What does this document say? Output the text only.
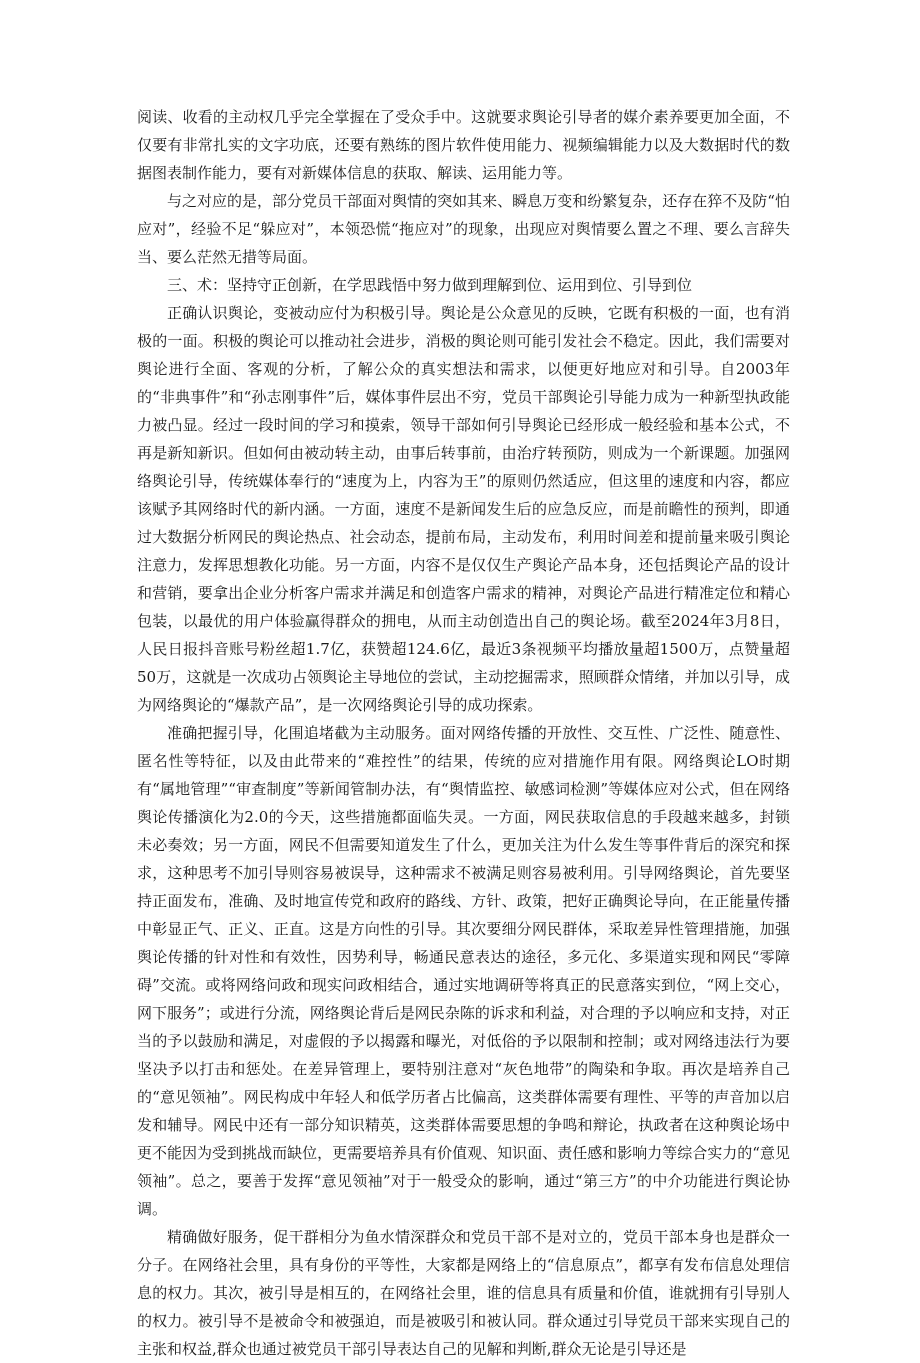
阅读、收看的主动权几乎完全掌握在了受众手中。这就要求舆论引导者的媒介素养要更加全面，不仅要有非常扎实的文字功底，还要有熟练的图片软件使用能力、视频编辑能力以及大数据时代的数据图表制作能力，要有对新媒体信息的获取、解读、运用能力等。

与之对应的是，部分党员干部面对舆情的突如其来、瞬息万变和纷繁复杂，还存在猝不及防“怕应对”，经验不足“躲应对”，本领恐慌“拖应对”的现象，出现应对舆情要么置之不理、要么言辞失当、要么茫然无措等局面。

三、术：坚持守正创新，在学思践悟中努力做到理解到位、运用到位、引导到位

正确认识舆论，变被动应付为积极引导。舆论是公众意见的反映，它既有积极的一面，也有消极的一面。积极的舆论可以推动社会进步，消极的舆论则可能引发社会不稳定。因此，我们需要对舆论进行全面、客观的分析，了解公众的真实想法和需求，以便更好地应对和引导。自2003年的“非典事件”和“孙志刚事件”后，媒体事件层出不穷，党员干部舆论引导能力成为一种新型执政能力被凸显。经过一段时间的学习和摸索，领导干部如何引导舆论已经形成一般经验和基本公式，不再是新知新识。但如何由被动转主动，由事后转事前，由治疗转预防，则成为一个新课题。加强网络舆论引导，传统媒体奉行的“速度为上，内容为王”的原则仍然适应，但这里的速度和内容，都应该赋予其网络时代的新内涵。一方面，速度不是新闻发生后的应急反应，而是前瞻性的预判，即通过大数据分析网民的舆论热点、社会动态，提前布局，主动发布，利用时间差和提前量来吸引舆论注意力，发挥思想教化功能。另一方面，内容不是仅仅生产舆论产品本身，还包括舆论产品的设计和营销，要拿出企业分析客户需求并满足和创造客户需求的精神，对舆论产品进行精准定位和精心包装，以最优的用户体验赢得群众的拥电，从而主动创造出自己的舆论场。截至2024年3月8日，人民日报抖音账号粉丝超1.7亿，获赞超124.6亿，最近3条视频平均播放量超1500万，点赞量超50万，这就是一次成功占领舆论主导地位的尝试，主动挖掘需求，照顾群众情绪，并加以引导，成为网络舆论的“爆款产品”，是一次网络舆论引导的成功探索。

准确把握引导，化围追堵截为主动服务。面对网络传播的开放性、交互性、广泛性、随意性、匿名性等特征，以及由此带来的“难控性”的结果，传统的应对措施作用有限。网络舆论LO时期有“属地管理”“审查制度”等新闻管制办法，有“舆情监控、敏感词检测”等媒体应对公式，但在网络舆论传播演化为2.0的今天，这些措施都面临失灵。一方面，网民获取信息的手段越来越多，封锁未必奏效；另一方面，网民不但需要知道发生了什么，更加关注为什么发生等事件背后的深究和探求，这种思考不加引导则容易被误导，这种需求不被满足则容易被利用。引导网络舆论，首先要坚持正面发布，准确、及时地宣传党和政府的路线、方针、政策，把好正确舆论导向，在正能量传播中彰显正气、正义、正直。这是方向性的引导。其次要细分网民群体，采取差异性管理措施，加强舆论传播的针对性和有效性，因势利导，畅通民意表达的途径，多元化、多渠道实现和网民“零障碍”交流。或将网络问政和现实问政相结合，通过实地调研等将真正的民意落实到位，“网上交心，网下服务”；或进行分流，网络舆论背后是网民杂陈的诉求和利益，对合理的予以响应和支持，对正当的予以鼓励和满足，对虚假的予以揭露和曝光，对低俗的予以限制和控制；或对网络违法行为要坚决予以打击和惩处。在差异管理上，要特别注意对“灰色地带”的陶染和争取。再次是培养自己的“意见领袖”。网民构成中年轻人和低学历者占比偏高，这类群体需要有理性、平等的声音加以启发和辅导。网民中还有一部分知识精英，这类群体需要思想的争鸣和辩论，执政者在这种舆论场中更不能因为受到挑战而缺位，更需要培养具有价值观、知识面、责任感和影响力等综合实力的“意见领袖”。总之，要善于发挥“意见领袖”对于一般受众的影响，通过“第三方”的中介功能进行舆论协调。

精确做好服务，促干群相分为鱼水情深群众和党员干部不是对立的，党员干部本身也是群众一分子。在网络社会里，具有身份的平等性，大家都是网络上的“信息原点”，都享有发布信息处理信息的权力。其次，被引导是相互的，在网络社会里，谁的信息具有质量和价值，谁就拥有引导别人的权力。被引导不是被命令和被强迫，而是被吸引和被认同。群众通过引导党员干部来实现自己的主张和权益,群众也通过被党员干部引导表达自己的见解和判断,群众无论是引导还是
